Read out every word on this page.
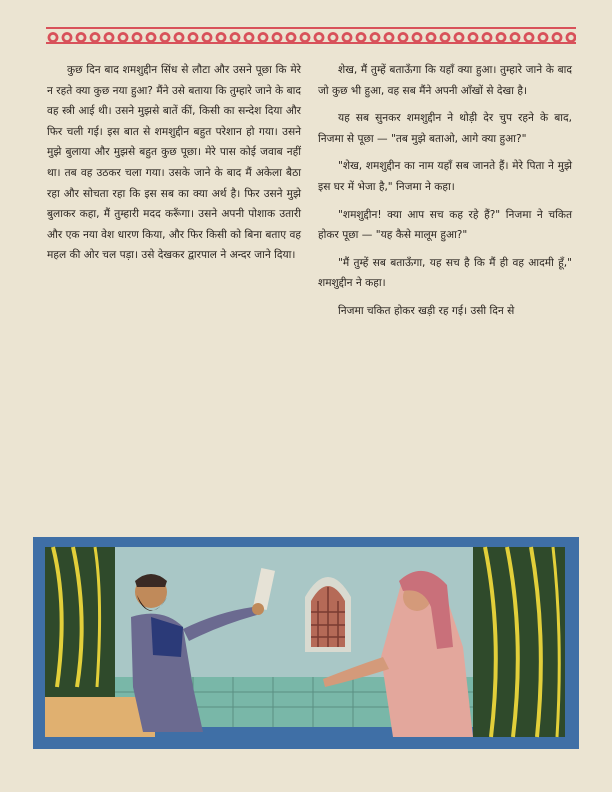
कुछ दिन बाद शमशुद्दीन सिंध से लौटा और उसने पूछा कि मेरे न रहते क्या कुछ नया हुआ? मैंने उसे बताया कि तुम्हारे जाने के बाद वह स्त्री आई थी। उसने मुझसे बातें कीं, किसी का सन्देश दिया और फिर चली गई। इस बात से शमशुद्दीन बहुत परेशान हो गया। उसने मुझे बुलाया और मुझसे बहुत कुछ पूछा। मेरे पास कोई जवाब नहीं था। तब वह उठकर चला गया। उसके जाने के बाद मैं अकेला बैठा रहा और सोचता रहा कि इस सब का क्या अर्थ है। फिर उसने मुझे बुलाकर कहा, मैं तुम्हारी मदद करूँगा। उसने अपनी पोशाक उतारी और एक नया वेश धारण किया, और फिर किसी को बिना बताए वह महल की ओर चल पड़ा। उसे देखकर द्वारपाल ने अन्दर जाने दिया।

शेख, मैं तुम्हें बताऊँगा कि यहाँ क्या हुआ। तुम्हारे जाने के बाद जो कुछ भी हुआ, वह सब मैंने अपनी आँखों से देखा है।

यह सब सुनकर शमशुद्दीन ने थोड़ी देर चुप रहने के बाद, निजमा से पूछा — "तब मुझे बताओ, आगे क्या हुआ?"

"शेख, शमशुद्दीन का नाम यहाँ सब जानते हैं। मेरे पिता ने मुझे इस घर में भेजा है," निजमा ने कहा।

"शमशुद्दीन! क्या आप सच कह रहे हैं?" निजमा ने चकित होकर पूछा — "यह कैसे मालूम हुआ?"

"मैं तुम्हें सब बताऊँगा, यह सच है कि मैं ही वह आदमी हूँ," शमशुद्दीन ने कहा।

निजमा चकित होकर खड़ी रह गई। उसी दिन से
